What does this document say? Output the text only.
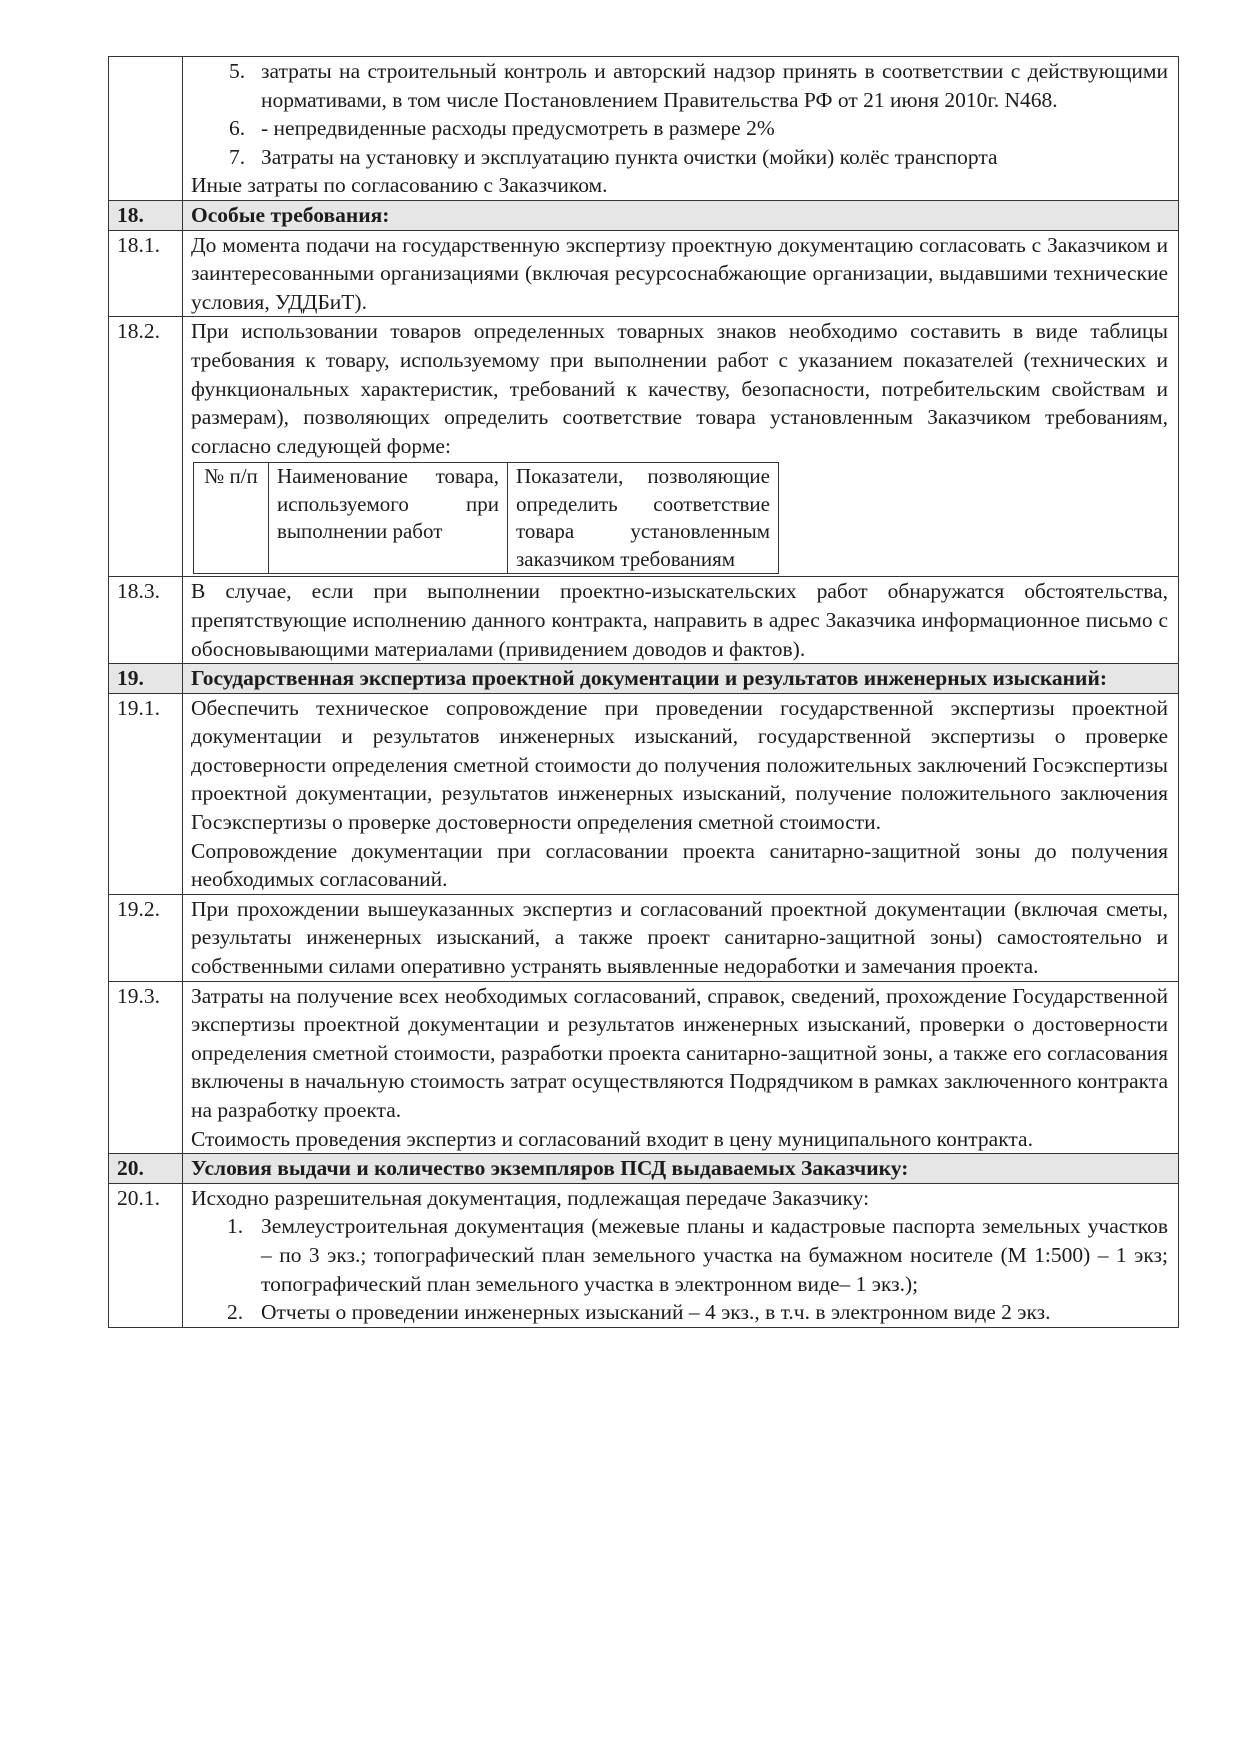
5. затраты на строительный контроль и авторский надзор принять в соответствии с действующими нормативами, в том числе Постановлением Правительства РФ от 21 июня 2010г. N468.
6. - непредвиденные расходы предусмотреть в размере 2%
7. Затраты на установку и эксплуатацию пункта очистки (мойки) колёс транспорта

Иные затраты по согласованию с Заказчиком.

18.	Особые требования:
18.1.	До момента подачи на государственную экспертизу проектную документацию согласовать с Заказчиком и заинтересованными организациями (включая ресурсоснабжающие организации, выдавшими технические условия, УДДБиТ).
18.2.	При использовании товаров определенных товарных знаков необходимо составить в виде таблицы требования к товару, используемому при выполнении работ с указанием показателей (технических и функциональных характеристик, требований к качеству, безопасности, потребительским свойствам и размерам), позволяющих определить соответствие товара установленным Заказчиком требованиям, согласно следующей форме:

№ п/п	Наименование товара, используемого при выполнении работ	Показатели, позволяющие определить соответствие товара установленным заказчиком требованиям

18.3.	В случае, если при выполнении проектно-изыскательских работ обнаружатся обстоятельства, препятствующие исполнению данного контракта, направить в адрес Заказчика информационное письмо с обосновывающими материалами (привидением доводов и фактов).
19.	Государственная экспертиза проектной документации и результатов инженерных изысканий:
19.1.	Обеспечить техническое сопровождение при проведении государственной экспертизы проектной документации и результатов инженерных изысканий, государственной экспертизы о проверке достоверности определения сметной стоимости до получения положительных заключений Госэкспертизы проектной документации, результатов инженерных изысканий, получение положительного заключения Госэкспертизы о проверке достоверности определения сметной стоимости.

Сопровождение документации при согласовании проекта санитарно-защитной зоны до получения необходимых согласований.

19.2.	При прохождении вышеуказанных экспертиз и согласований проектной документации (включая сметы, результаты инженерных изысканий, а также проект санитарно-защитной зоны) самостоятельно и собственными силами оперативно устранять выявленные недоработки и замечания проекта.
19.3.	Затраты на получение всех необходимых согласований, справок, сведений, прохождение Государственной экспертизы проектной документации и результатов инженерных изысканий, проверки о достоверности определения сметной стоимости, разработки проекта санитарно-защитной зоны, а также его согласования включены в начальную стоимость затрат осуществляются Подрядчиком в рамках заключенного контракта на разработку проекта.

Стоимость проведения экспертиз и согласований входит в цену муниципального контракта.

20.	Условия выдачи и количество экземпляров ПСД выдаваемых Заказчику:
20.1.	Исходно разрешительная документация, подлежащая передаче Заказчику:

1. Землеустроительная документация (межевые планы и кадастровые паспорта земельных участков – по 3 экз.; топографический план земельного участка на бумажном носителе (М 1:500) – 1 экз; топографический план земельного участка в электронном виде– 1 экз.);
2. Отчеты о проведении инженерных изысканий – 4 экз., в т.ч. в электронном виде 2 экз.
